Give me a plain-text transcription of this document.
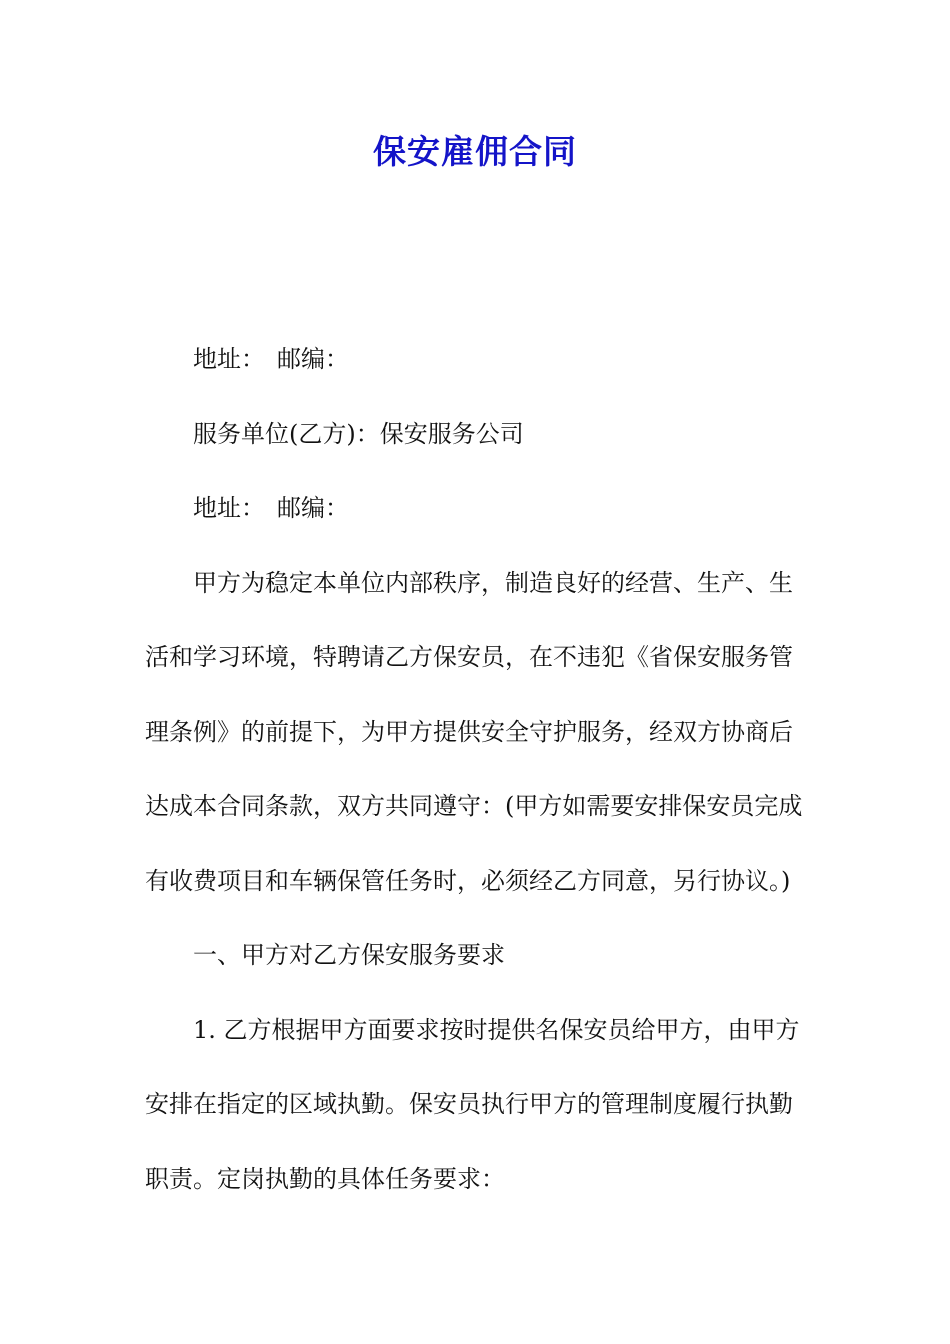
保安雇佣合同
地址：　邮编：
服务单位(乙方)：保安服务公司
地址：　邮编：
甲方为稳定本单位内部秩序，制造良好的经营、生产、生
活和学习环境，特聘请乙方保安员，在不违犯《省保安服务管
理条例》的前提下，为甲方提供安全守护服务，经双方协商后
达成本合同条款，双方共同遵守：(甲方如需要安排保安员完成
有收费项目和车辆保管任务时，必须经乙方同意，另行协议。)
一、甲方对乙方保安服务要求
1. 乙方根据甲方面要求按时提供名保安员给甲方，由甲方
安排在指定的区域执勤。保安员执行甲方的管理制度履行执勤
职责。定岗执勤的具体任务要求：
